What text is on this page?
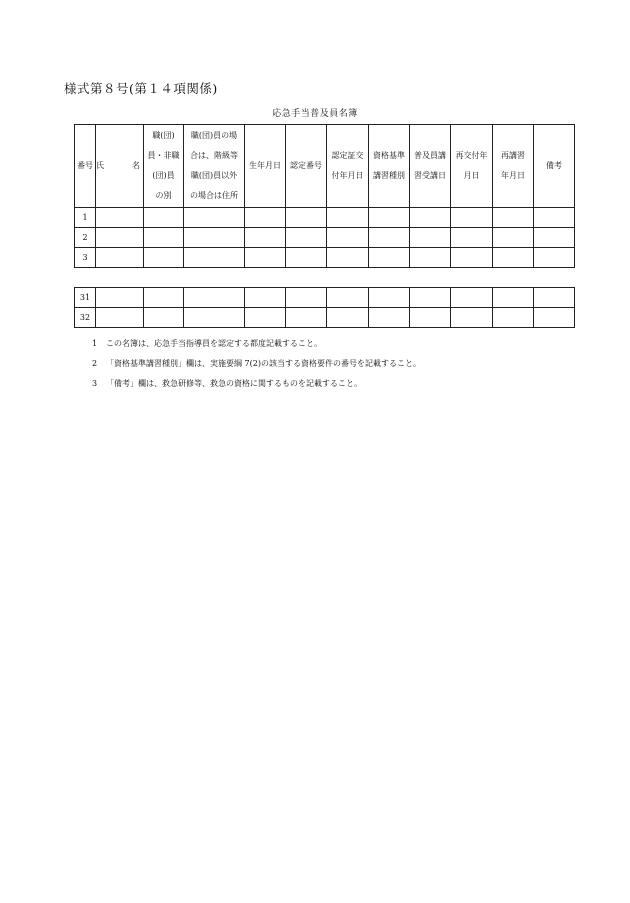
様式第８号(第１４項関係)
応急手当普及員名簿
番号	氏　名	職(団)
員・非職
(団)員
の別	職(団)員の場
合は、階級等
職(団)員以外
の場合は住所	生年月日	認定番号	認定証交
付年月日	資格基準
講習種別	普及員講
習受講日	再交付年
月日	再講習
年月日	備考

1											
2											
3											
31											
32											
1 この名簿は、応急手当指導員を認定する都度記載すること。
2 「資格基準講習種別」欄は、実施要綱 7(2)の該当する資格要件の番号を記載すること。
3 「備考」欄は、救急研修等、救急の資格に関するものを記載すること。
